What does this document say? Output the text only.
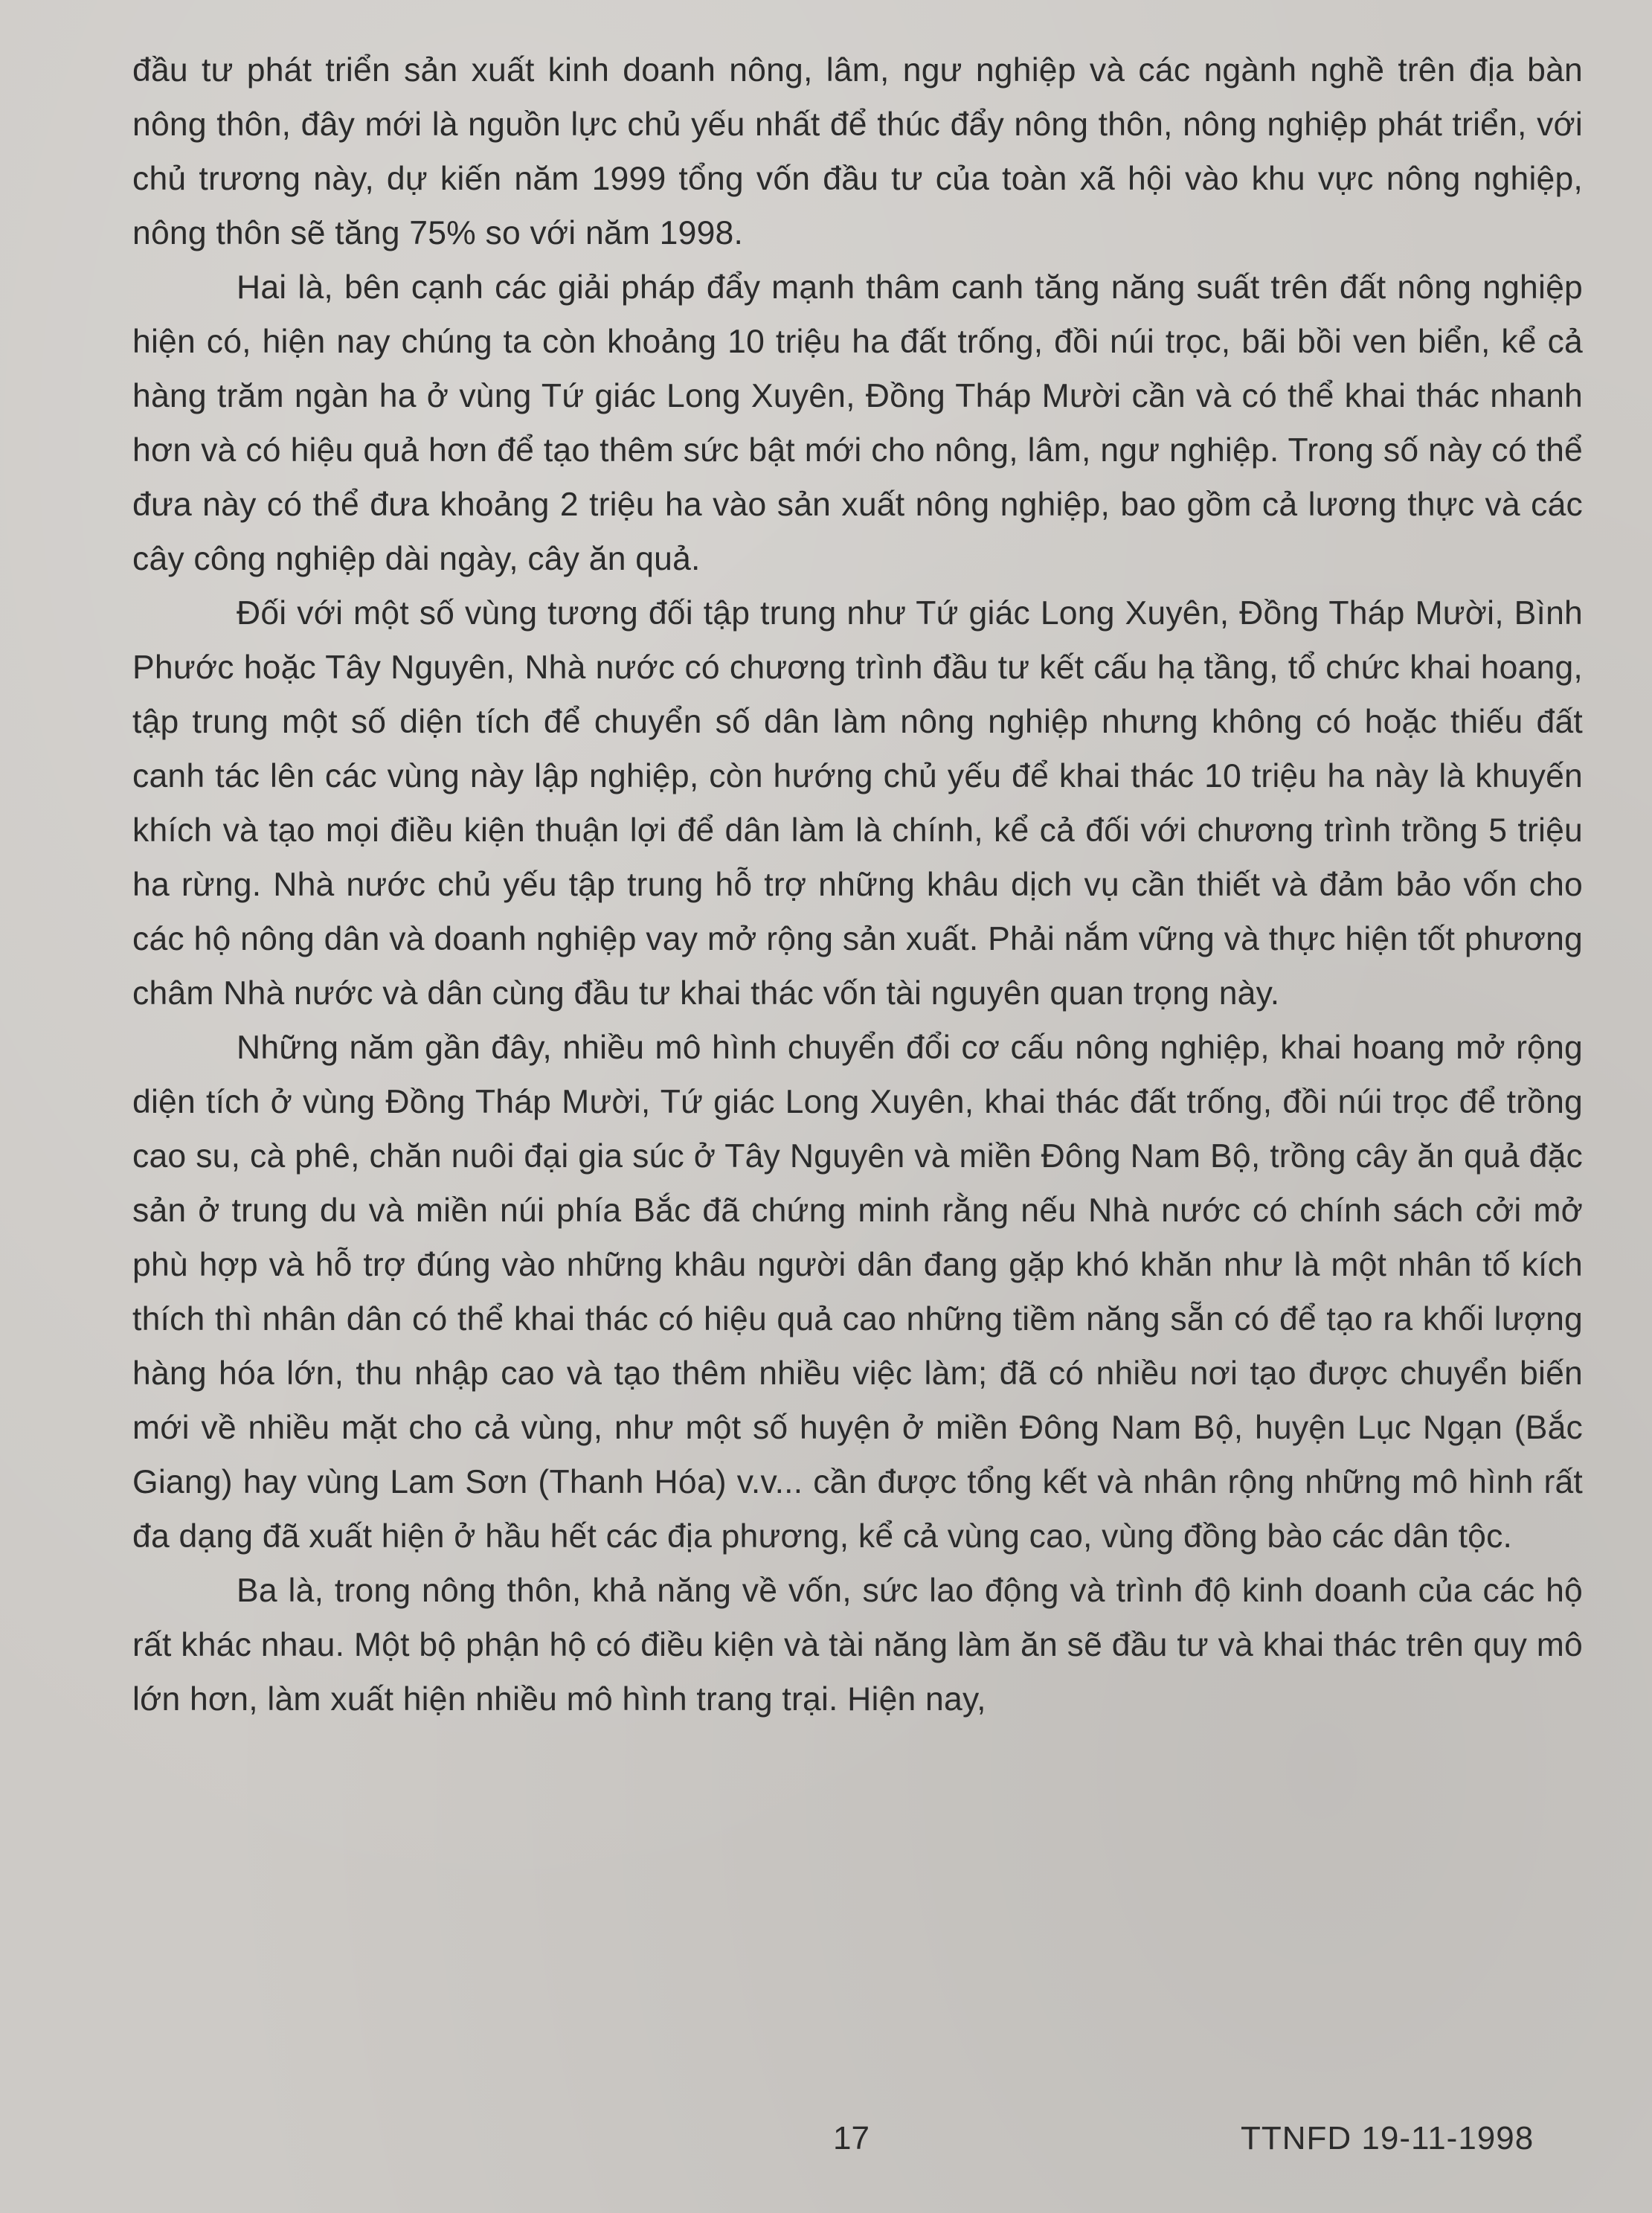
đầu tư phát triển sản xuất kinh doanh nông, lâm, ngư nghiệp và các ngành nghề trên địa bàn nông thôn, đây mới là nguồn lực chủ yếu nhất để thúc đẩy nông thôn, nông nghiệp phát triển, với chủ trương này, dự kiến năm 1999 tổng vốn đầu tư của toàn xã hội vào khu vực nông nghiệp, nông thôn sẽ tăng 75% so với năm 1998.

Hai là, bên cạnh các giải pháp đẩy mạnh thâm canh tăng năng suất trên đất nông nghiệp hiện có, hiện nay chúng ta còn khoảng 10 triệu ha đất trống, đồi núi trọc, bãi bồi ven biển, kể cả hàng trăm ngàn ha ở vùng Tứ giác Long Xuyên, Đồng Tháp Mười cần và có thể khai thác nhanh hơn và có hiệu quả hơn để tạo thêm sức bật mới cho nông, lâm, ngư nghiệp. Trong số này có thể đưa này có thể đưa khoảng 2 triệu ha vào sản xuất nông nghiệp, bao gồm cả lương thực và các cây công nghiệp dài ngày, cây ăn quả.

Đối với một số vùng tương đối tập trung như Tứ giác Long Xuyên, Đồng Tháp Mười, Bình Phước hoặc Tây Nguyên, Nhà nước có chương trình đầu tư kết cấu hạ tầng, tổ chức khai hoang, tập trung một số diện tích để chuyển số dân làm nông nghiệp nhưng không có hoặc thiếu đất canh tác lên các vùng này lập nghiệp, còn hướng chủ yếu để khai thác 10 triệu ha này là khuyến khích và tạo mọi điều kiện thuận lợi để dân làm là chính, kể cả đối với chương trình trồng 5 triệu ha rừng. Nhà nước chủ yếu tập trung hỗ trợ những khâu dịch vụ cần thiết và đảm bảo vốn cho các hộ nông dân và doanh nghiệp vay mở rộng sản xuất. Phải nắm vững và thực hiện tốt phương châm Nhà nước và dân cùng đầu tư khai thác vốn tài nguyên quan trọng này.

Những năm gần đây, nhiều mô hình chuyển đổi cơ cấu nông nghiệp, khai hoang mở rộng diện tích ở vùng Đồng Tháp Mười, Tứ giác Long Xuyên, khai thác đất trống, đồi núi trọc để trồng cao su, cà phê, chăn nuôi đại gia súc ở Tây Nguyên và miền Đông Nam Bộ, trồng cây ăn quả đặc sản ở trung du và miền núi phía Bắc đã chứng minh rằng nếu Nhà nước có chính sách cởi mở phù hợp và hỗ trợ đúng vào những khâu người dân đang gặp khó khăn như là một nhân tố kích thích thì nhân dân có thể khai thác có hiệu quả cao những tiềm năng sẵn có để tạo ra khối lượng hàng hóa lớn, thu nhập cao và tạo thêm nhiều việc làm; đã có nhiều nơi tạo được chuyển biến mới về nhiều mặt cho cả vùng, như một số huyện ở miền Đông Nam Bộ, huyện Lục Ngạn (Bắc Giang) hay vùng Lam Sơn (Thanh Hóa) v.v... cần được tổng kết và nhân rộng những mô hình rất đa dạng đã xuất hiện ở hầu hết các địa phương, kể cả vùng cao, vùng đồng bào các dân tộc.

Ba là, trong nông thôn, khả năng về vốn, sức lao động và trình độ kinh doanh của các hộ rất khác nhau. Một bộ phận hộ có điều kiện và tài năng làm ăn sẽ đầu tư và khai thác trên quy mô lớn hơn, làm xuất hiện nhiều mô hình trang trại. Hiện nay,

17	TTNFD 19-11-1998
